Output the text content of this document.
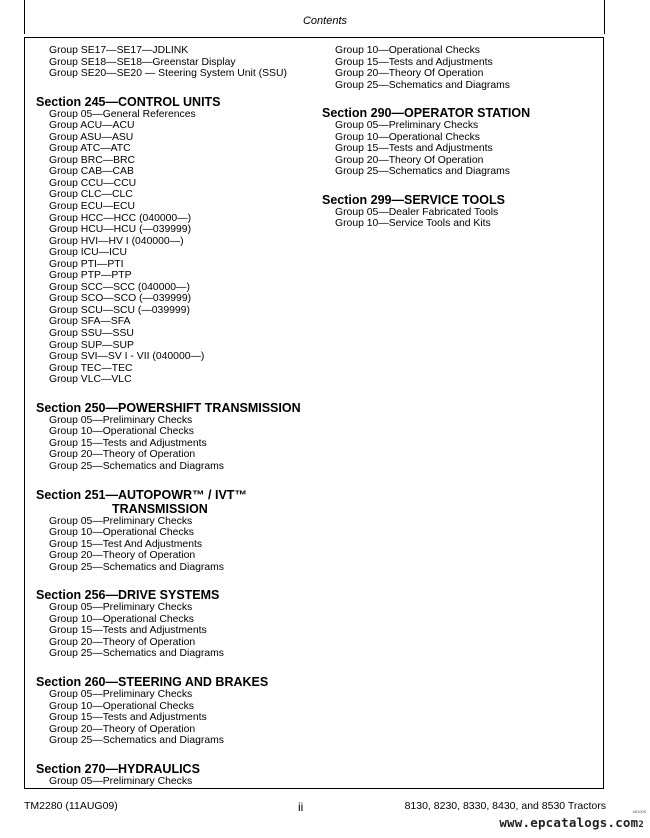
Contents
Group SE17—SE17—JDLINK
Group SE18—SE18—Greenstar Display
Group SE20—SE20 — Steering System Unit (SSU)
Section 245—CONTROL UNITS
Group 05—General References
Group ACU—ACU
Group ASU—ASU
Group ATC—ATC
Group BRC—BRC
Group CAB—CAB
Group CCU—CCU
Group CLC—CLC
Group ECU—ECU
Group HCC—HCC (040000—)
Group HCU—HCU (—039999)
Group HVI—HV I (040000—)
Group ICU—ICU
Group PTI—PTI
Group PTP—PTP
Group SCC—SCC (040000—)
Group SCO—SCO (—039999)
Group SCU—SCU (—039999)
Group SFA—SFA
Group SSU—SSU
Group SUP—SUP
Group SVI—SV I - VII (040000—)
Group TEC—TEC
Group VLC—VLC
Section 250—POWERSHIFT TRANSMISSION
Group 05—Preliminary Checks
Group 10—Operational Checks
Group 15—Tests and Adjustments
Group 20—Theory of Operation
Group 25—Schematics and Diagrams
Section 251—AUTOPOWR™ / IVT™
TRANSMISSION
Group 05—Preliminary Checks
Group 10—Operational Checks
Group 15—Test And Adjustments
Group 20—Theory of Operation
Group 25—Schematics and Diagrams
Section 256—DRIVE SYSTEMS
Group 05—Preliminary Checks
Group 10—Operational Checks
Group 15—Tests and Adjustments
Group 20—Theory of Operation
Group 25—Schematics and Diagrams
Section 260—STEERING AND BRAKES
Group 05—Preliminary Checks
Group 10—Operational Checks
Group 15—Tests and Adjustments
Group 20—Theory of Operation
Group 25—Schematics and Diagrams
Section 270—HYDRAULICS
Group 05—Preliminary Checks
Group 10—Operational Checks
Group 15—Tests and Adjustments
Group 20—Theory Of Operation
Group 25—Schematics and Diagrams
Section 290—OPERATOR STATION
Group 05—Preliminary Checks
Group 10—Operational Checks
Group 15—Tests and Adjustments
Group 20—Theory Of Operation
Group 25—Schematics and Diagrams
Section 299—SERVICE TOOLS
Group 05—Dealer Fabricated Tools
Group 10—Service Tools and Kits
TM2280 (11AUG09)	ii	8130, 8230, 8330, 8430, and 8530 Tractors	081009
www.epcatalogs.com2
